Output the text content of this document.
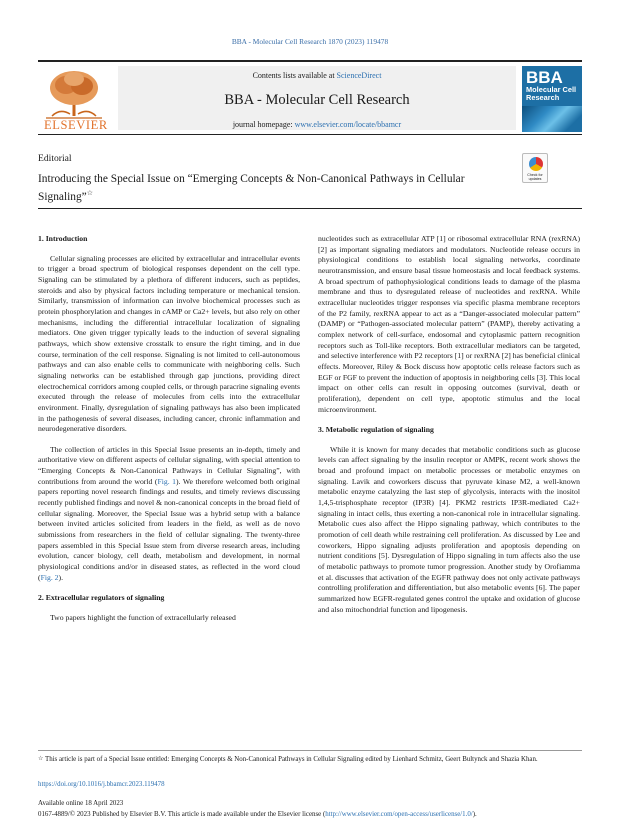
BBA - Molecular Cell Research 1870 (2023) 119478
ELSEVIER
Contents lists available at ScienceDirect
BBA - Molecular Cell Research
journal homepage: www.elsevier.com/locate/bbamcr
BBA
Molecular Cell Research
Editorial
Check for updates
Introducing the Special Issue on “Emerging Concepts & Non-Canonical Pathways in Cellular Signaling”☆
1. Introduction
Cellular signaling processes are elicited by extracellular and intracellular events to trigger a broad spectrum of biological responses dependent on the cell type. Signaling can be stimulated by a plethora of different inducers, such as peptides, steroids and also by physical factors including temperature or mechanical tension. Similarly, transmission of information can involve biochemical processes such as protein phosphorylation and changes in cAMP or Ca2+ levels, but also rely on other mechanisms, including the differential intracellular localization of signaling mediators. One given trigger typically leads to the induction of several signaling pathways, which show extensive crosstalk to ensure the right timing, and in due course, termination of the cell response. Signaling is not limited to cell-autonomous pathways and can also enable cells to communicate with neighboring cells. Such signaling networks can be established through gap junctions, providing direct electrochemical corridors among coupled cells, or through paracrine signaling events executed through the release of molecules from cells into the extracellular environment. Finally, dysregulation of signaling pathways has also been implicated in the pathogenesis of several diseases, including cancer, chronic inflammation and neurodegenerative disorders.
The collection of articles in this Special Issue presents an in-depth, timely and authoritative view on different aspects of cellular signaling, with special attention to “Emerging Concepts & Non-Canonical Pathways in Cellular Signaling”, with contributions from around the world (Fig. 1). We therefore welcomed both original papers reporting novel research findings and results, and timely reviews discussing recently published findings and novel & non-canonical concepts in the broad field of cellular signaling. Moreover, the Special Issue was a hybrid setup with a balance between invited articles solicited from leaders in the field, as well as de novo submissions from researchers in the field of cellular signaling. The twenty-three papers assembled in this Special Issue stem from diverse research areas, including evolution, cancer biology, cell death, metabolism and development, in normal physiological conditions and/or in diseased states, as reflected in the word cloud (Fig. 2).
2. Extracellular regulators of signaling
Two papers highlight the function of extracellularly released
nucleotides such as extracellular ATP [1] or ribosomal extracellular RNA (rexRNA) [2] as important signaling mediators and modulators. Nucleotide release occurs in physiological conditions to establish local signaling networks, coordinate neurotransmission, and ensure basal tissue homeostasis and local feedback systems. A broad spectrum of pathophysiological conditions leads to damage of the plasma membrane and thus to dysregulated release of nucleotides and rexRNA. While extracellular nucleotides trigger responses via specific plasma membrane receptors of the P2 family, rexRNA appear to act as a “Danger-associated molecular pattern” (DAMP) or “Pathogen-associated molecular pattern” (PAMP), thereby activating a complex network of cell-surface, endosomal and cytoplasmic pattern recognition receptors such as Toll-like receptors. Both extracellular mediators can be targeted, and selective interference with P2 receptors [1] or rexRNA [2] has beneficial clinical effects. Moreover, Riley & Bock discuss how apoptotic cells release factors such as EGF or FGF to prevent the induction of apoptosis in neighboring cells [3]. This local impact on other cells can result in opposing outcomes (survival, death or proliferation), dependent on cell type, apoptotic stimulus and the local microenvironment.
3. Metabolic regulation of signaling
While it is known for many decades that metabolic conditions such as glucose levels can affect signaling by the insulin receptor or AMPK, recent work shows the broad and profound impact on metabolic processes or metabolic enzymes on signaling. Lavik and coworkers discuss that pyruvate kinase M2, a well-known metabolic enzyme catalyzing the last step of glycolysis, interacts with the inositol 1,4,5-trisphosphate receptor (IP3R) [4]. PKM2 restricts IP3R-mediated Ca2+ signaling in intact cells, thus exerting a non-canonical role in intracellular signaling. Metabolic cues also affect the Hippo signaling pathway, which contributes to the promotion of cell death while restraining cell proliferation. As discussed by Lee and coworkers, Hippo signaling adjusts proliferation and apoptosis depending on nutrient conditions [5]. Dysregulation of Hippo signaling in turn affects also the use of metabolic pathways to promote tumor progression. Another study by Orofiamma et al. discusses that activation of the EGFR pathway does not only activate pathways controlling proliferation and differentiation, but also metabolic events [6]. The paper summarized how EGFR-regulated genes control the uptake and oxidation of glucose and also mitochondrial function and lipogenesis.
☆ This article is part of a Special Issue entitled: Emerging Concepts & Non-Canonical Pathways in Cellular Signaling edited by Lienhard Schmitz, Geert Bultynck and Shazia Khan.
https://doi.org/10.1016/j.bbamcr.2023.119478
Available online 18 April 2023
0167-4889/© 2023 Published by Elsevier B.V. This article is made available under the Elsevier license (http://www.elsevier.com/open-access/userlicense/1.0/).
